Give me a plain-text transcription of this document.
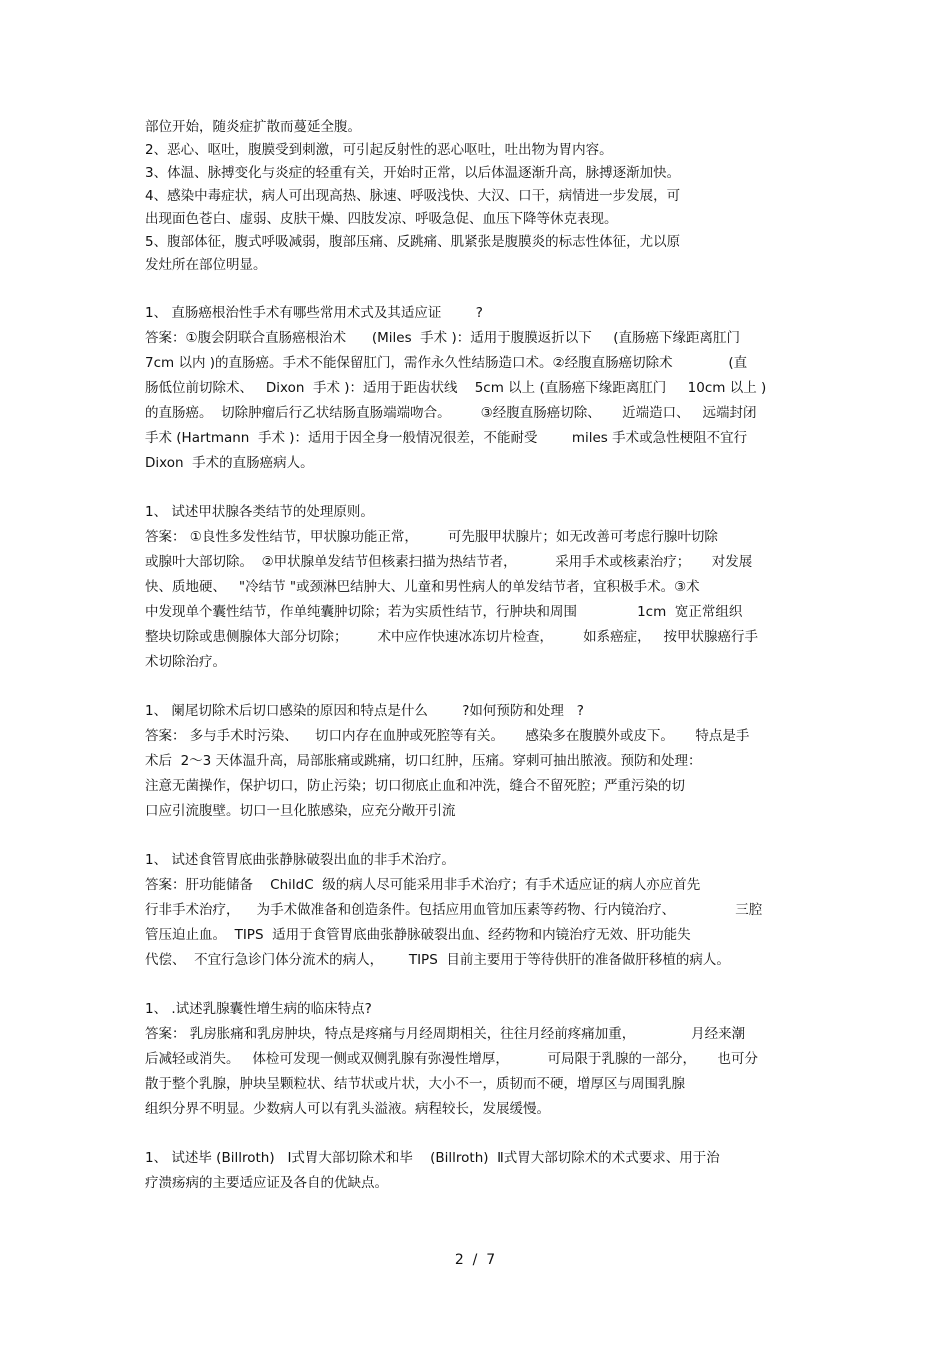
部位开始，随炎症扩散而蔓延全腹。
2、恶心、呕吐，腹膜受到刺激，可引起反射性的恶心呕吐，吐出物为胃内容。
3、体温、脉搏变化与炎症的轻重有关，开始时正常，以后体温逐渐升高，脉搏逐渐加快。
4、感染中毒症状，病人可出现高热、脉速、呼吸浅快、大汉、口干，病情进一步发展，可
出现面色苍白、虚弱、皮肤干燥、四肢发凉、呼吸急促、血压下降等休克表现。
5、腹部体征，腹式呼吸减弱，腹部压痛、反跳痛、肌紧张是腹膜炎的标志性体征，尤以原
发灶所在部位明显。
1、 直肠癌根治性手术有哪些常用术式及其适应证        ?
答案：①腹会阴联合直肠癌根治术      (Miles  手术 )：适用于腹膜返折以下     (直肠癌下缘距离肛门
7cm 以内 )的直肠癌。手术不能保留肛门，需作永久性结肠造口术。②经腹直肠癌切除术             (直
肠低位前切除术、   Dixon  手术 )：适用于距齿状线    5cm 以上 (直肠癌下缘距离肛门     10cm 以上 )
的直肠癌。  切除肿瘤后行乙状结肠直肠端端吻合。       ③经腹直肠癌切除、     近端造口、   远端封闭
手术 (Hartmann  手术 )：适用于因全身一般情况很差，不能耐受        miles 手术或急性梗阻不宜行
Dixon  手术的直肠癌病人。
1、 试述甲状腺各类结节的处理原则。
答案： ①良性多发性结节，甲状腺功能正常，       可先服甲状腺片；如无改善可考虑行腺叶切除
或腺叶大部切除。  ②甲状腺单发结节但核素扫描为热结节者，         采用手术或核素治疗；     对发展
快、质地硬、   "冷结节 "或颈淋巴结肿大、儿童和男性病人的单发结节者，宜积极手术。③术
中发现单个囊性结节，作单纯囊肿切除；若为实质性结节，行肿块和周围              1cm  宽正常组织
整块切除或患侧腺体大部分切除；       术中应作快速冰冻切片检查，       如系癌症，   按甲状腺癌行手
术切除治疗。
1、 阑尾切除术后切口感染的原因和特点是什么        ?如何预防和处理   ?
答案： 多与手术时污染、    切口内存在血肿或死腔等有关。     感染多在腹膜外或皮下。     特点是手
术后  2～3 天体温升高，局部胀痛或跳痛，切口红肿，压痛。穿刺可抽出脓液。预防和处理：
注意无菌操作，保护切口，防止污染；切口彻底止血和冲洗，缝合不留死腔；严重污染的切
口应引流腹壁。切口一旦化脓感染，应充分敞开引流
1、 试述食管胃底曲张静脉破裂出血的非手术治疗。
答案：肝功能储备    ChildC  级的病人尽可能采用非手术治疗；有手术适应证的病人亦应首先
行非手术治疗，    为手术做准备和创造条件。包括应用血管加压素等药物、行内镜治疗、              三腔
管压迫止血。  TIPS  适用于食管胃底曲张静脉破裂出血、经药物和内镜治疗无效、肝功能失
代偿、  不宜行急诊门体分流术的病人，      TIPS  目前主要用于等待供肝的准备做肝移植的病人。
1、 .试述乳腺囊性增生病的临床特点?
答案： 乳房胀痛和乳房肿块，特点是疼痛与月经周期相关，往往月经前疼痛加重，             月经来潮
后减轻或消失。   体检可发现一侧或双侧乳腺有弥漫性增厚，         可局限于乳腺的一部分，     也可分
散于整个乳腺，肿块呈颗粒状、结节状或片状，大小不一，质韧而不硬，增厚区与周围乳腺
组织分界不明显。少数病人可以有乳头溢液。病程较长，发展缓慢。
1、 试述毕 (Billroth)   Ⅰ式胃大部切除术和毕    (Billroth)  Ⅱ式胃大部切除术的术式要求、用于治
疗溃疡病的主要适应证及各自的优缺点。
2  /  7
